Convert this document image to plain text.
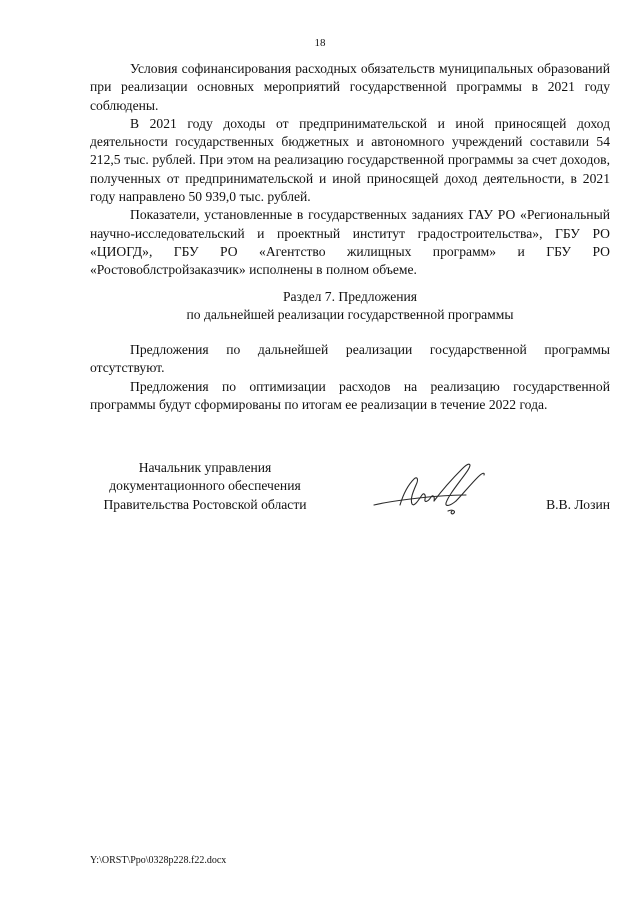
18

Условия софинансирования расходных обязательств муниципальных образований при реализации основных мероприятий государственной программы в 2021 году соблюдены.

В 2021 году доходы от предпринимательской и иной приносящей доход деятельности государственных бюджетных и автономного учреждений составили 54 212,5 тыс. рублей. При этом на реализацию государственной программы за счет доходов, полученных от предпринимательской и иной приносящей доход деятельности, в 2021 году направлено 50 939,0 тыс. рублей.

Показатели, установленные в государственных заданиях ГАУ РО «Региональный научно-исследовательский и проектный институт градостроительства», ГБУ РО «ЦИОГД», ГБУ РО «Агентство жилищных программ» и ГБУ РО «Ростовоблстройзаказчик» исполнены в полном объеме.

Раздел 7. Предложения
по дальнейшей реализации государственной программы

Предложения по дальнейшей реализации государственной программы отсутствуют.

Предложения по оптимизации расходов на реализацию государственной программы будут сформированы по итогам ее реализации в течение 2022 года.

Начальник управления
документационного обеспечения
Правительства Ростовской области	В.В. Лозин
Y:\ORST\Ppo\0328p228.f22.docx
